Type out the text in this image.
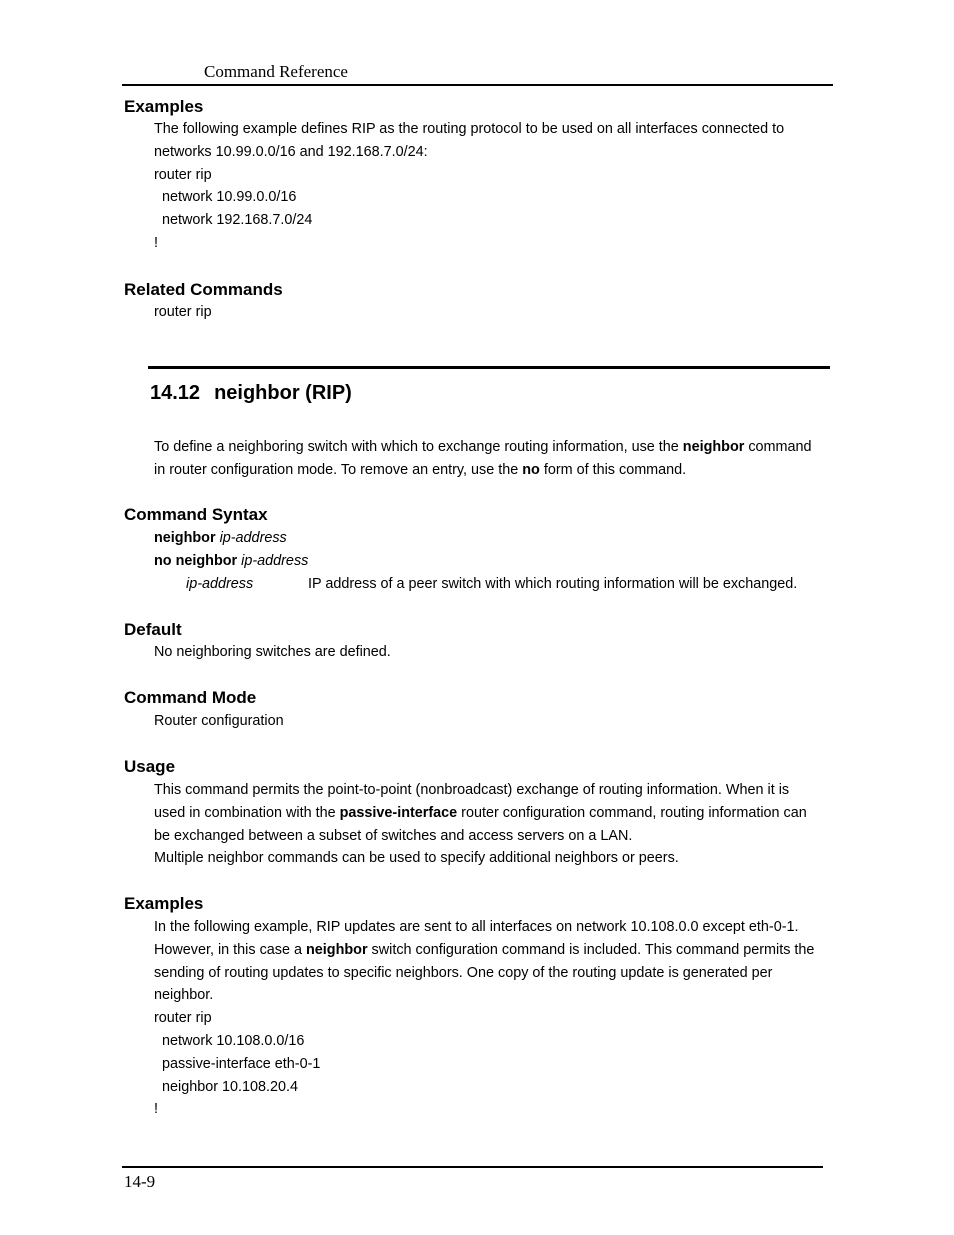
Command Reference
Examples
The following example defines RIP as the routing protocol to be used on all interfaces connected to
networks 10.99.0.0/16 and 192.168.7.0/24:
router rip
network 10.99.0.0/16
network 192.168.7.0/24
!
Related Commands
router rip
14.12 neighbor (RIP)
To define a neighboring switch with which to exchange routing information, use the neighbor command
in router configuration mode. To remove an entry, use the no form of this command.
Command Syntax
neighbor ip-address
no neighbor ip-address
ip-address	IP address of a peer switch with which routing information will be exchanged.
Default
No neighboring switches are defined.
Command Mode
Router configuration
Usage
This command permits the point-to-point (nonbroadcast) exchange of routing information. When it is
used in combination with the passive-interface router configuration command, routing information can
be exchanged between a subset of switches and access servers on a LAN.
Multiple neighbor commands can be used to specify additional neighbors or peers.
Examples
In the following example, RIP updates are sent to all interfaces on network 10.108.0.0 except eth-0-1.
However, in this case a neighbor switch configuration command is included. This command permits the
sending of routing updates to specific neighbors. One copy of the routing update is generated per
neighbor.
router rip
network 10.108.0.0/16
passive-interface eth-0-1
neighbor 10.108.20.4
!
14-9
